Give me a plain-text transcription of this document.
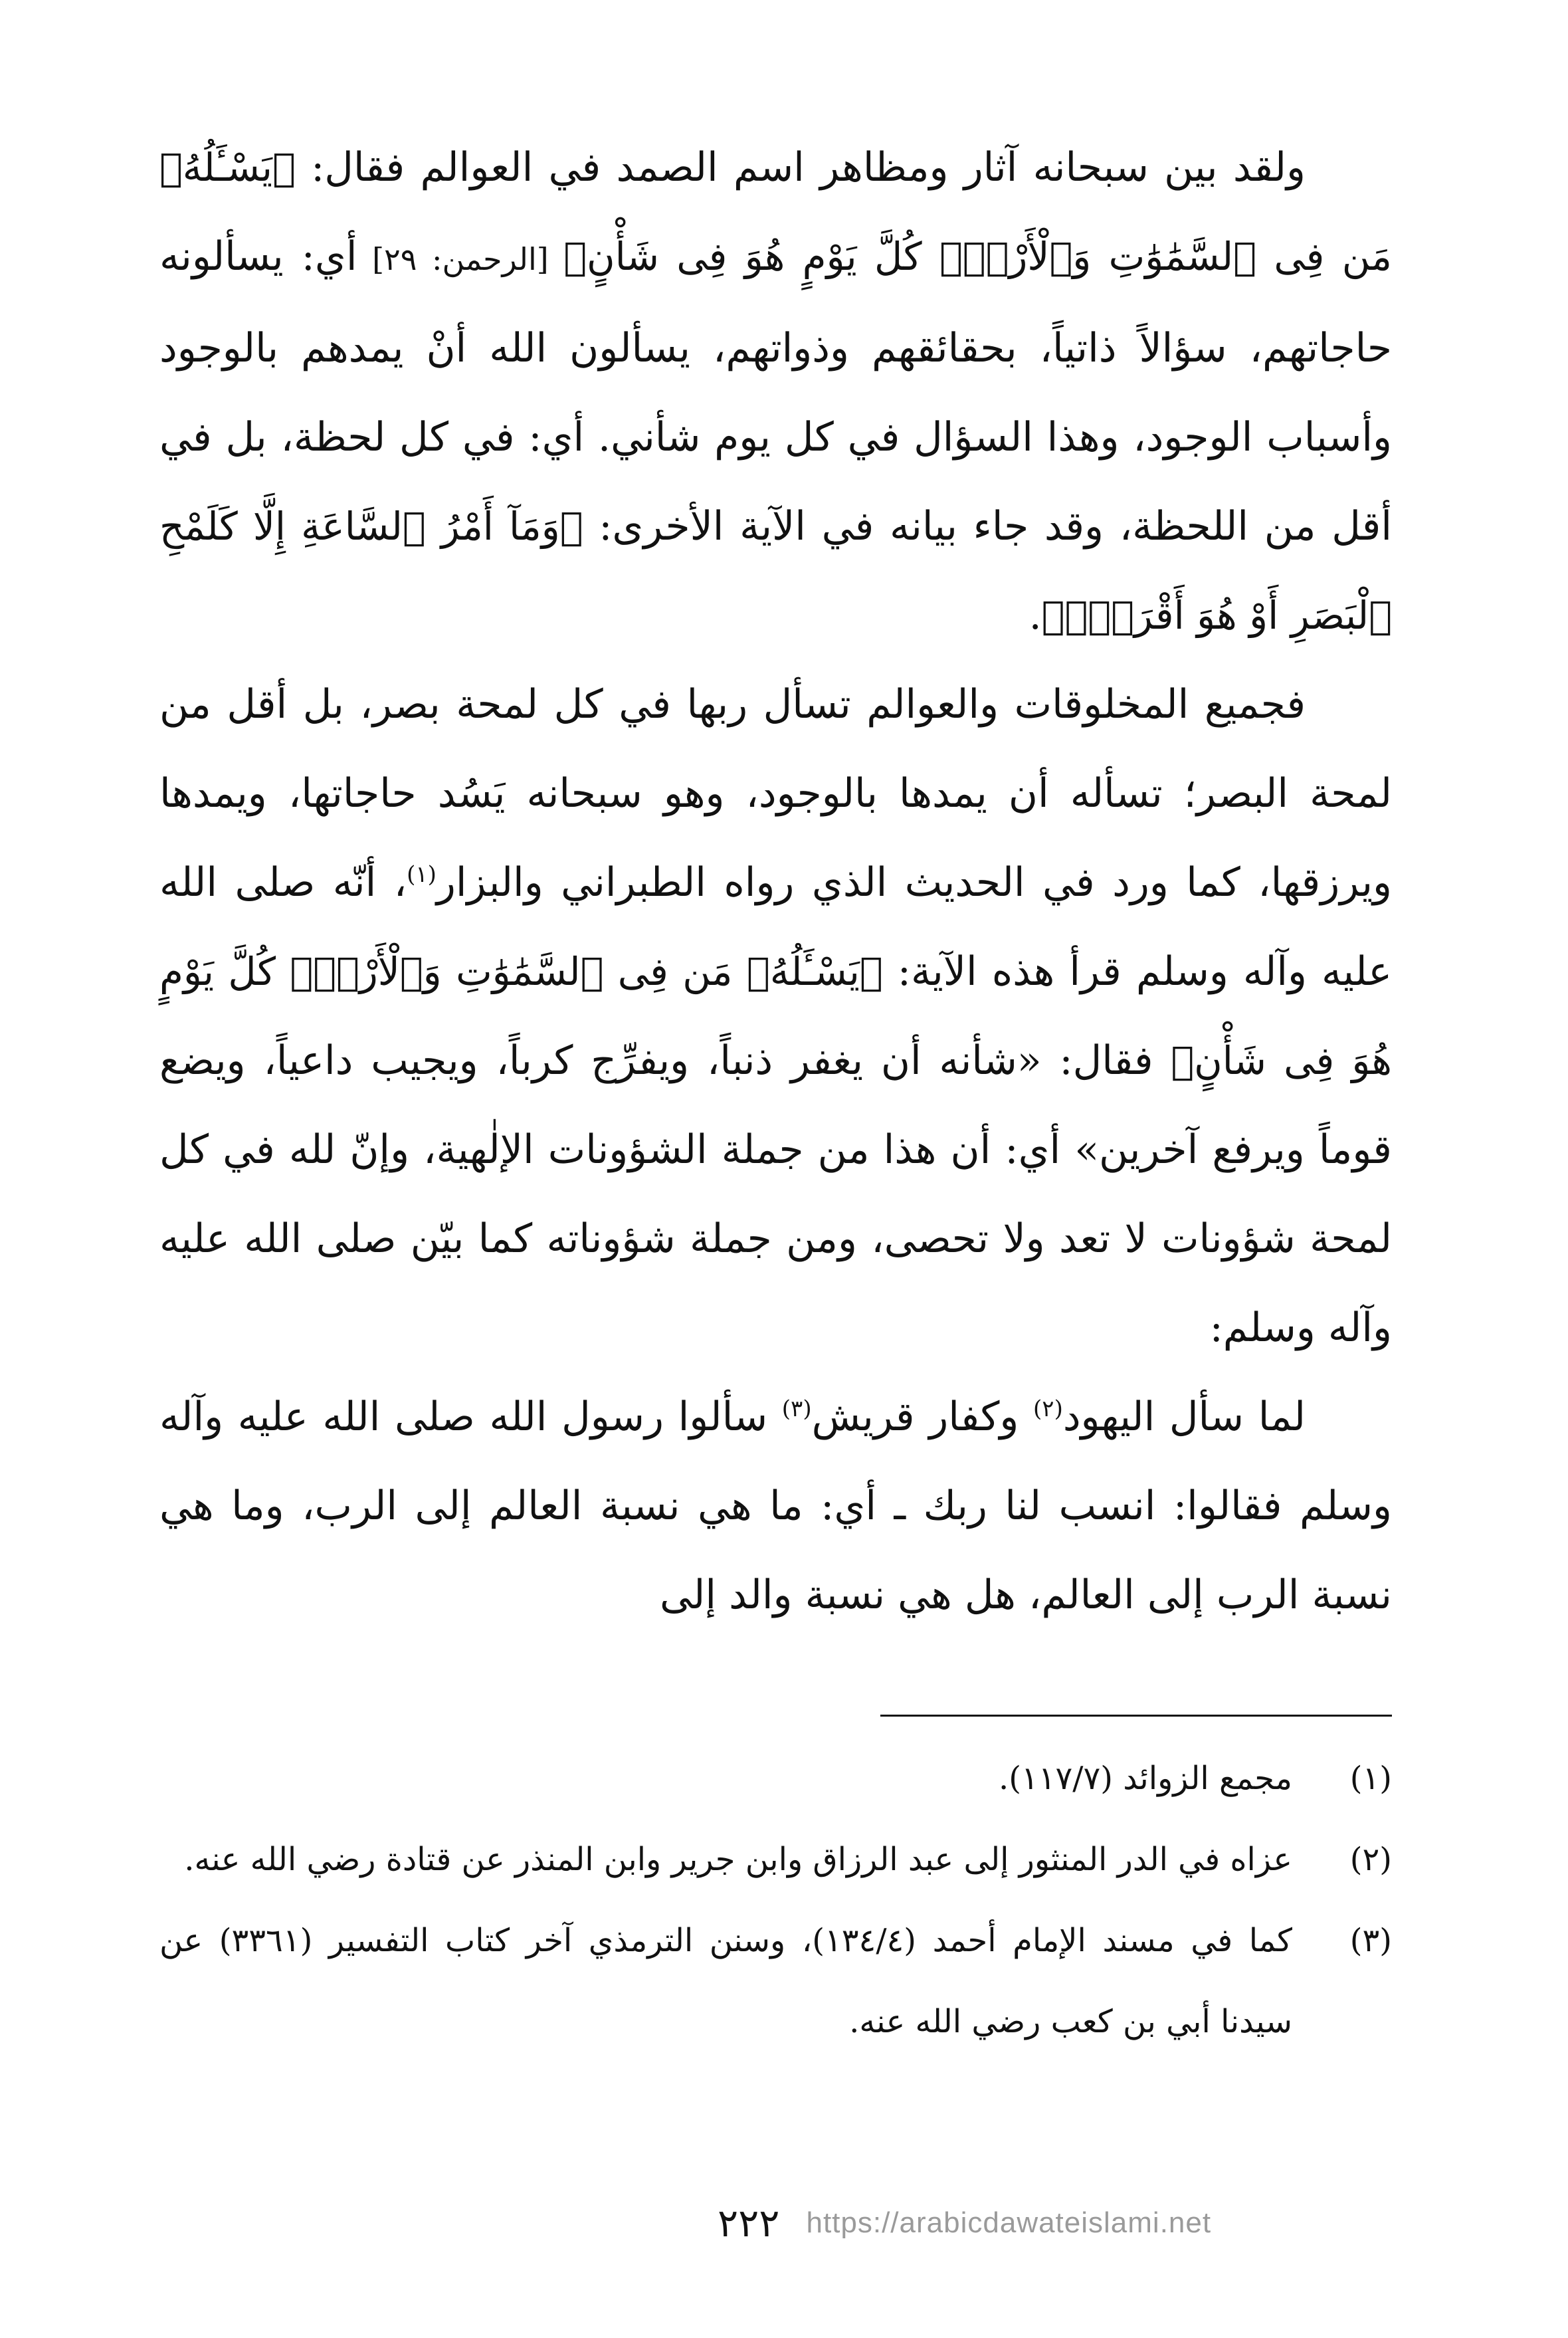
ولقد بين سبحانه آثار ومظاهر اسم الصمد في العوالم فقال: ﴿يَسْـَٔلُهُۥ مَن فِى ٱلسَّمَٰوَٰتِ وَٱلْأَرْضِۚ كُلَّ يَوْمٍ هُوَ فِى شَأْنٍ﴾ [الرحمن: ٢٩] أي: يسألونه حاجاتهم، سؤالاً ذاتياً، بحقائقهم وذواتهم، يسألون الله أنْ يمدهم بالوجود وأسباب الوجود، وهذا السؤال في كل يوم شأني. أي: في كل لحظة، بل في أقل من اللحظة، وقد جاء بيانه في الآية الأخرى: ﴿وَمَآ أَمْرُ ٱلسَّاعَةِ إِلَّا كَلَمْحِ ٱلْبَصَرِ أَوْ هُوَ أَقْرَبُۚ﴾.

فجميع المخلوقات والعوالم تسأل ربها في كل لمحة بصر، بل أقل من لمحة البصر؛ تسأله أن يمدها بالوجود، وهو سبحانه يَسُد حاجاتها، ويمدها ويرزقها، كما ورد في الحديث الذي رواه الطبراني والبزار$^{(١)}$، أنّه صلى الله عليه وآله وسلم قرأ هذه الآية: ﴿يَسْـَٔلُهُۥ مَن فِى ٱلسَّمَٰوَٰتِ وَٱلْأَرْضِۚ كُلَّ يَوْمٍ هُوَ فِى شَأْنٍ﴾ فقال: «شأنه أن يغفر ذنباً، ويفرِّج كرباً، ويجيب داعياً، ويضع قوماً ويرفع آخرين» أي: أن هذا من جملة الشؤونات الإلٰهية، وإنّ لله في كل لمحة شؤونات لا تعد ولا تحصى، ومن جملة شؤوناته كما بيّن صلى الله عليه وآله وسلم:

لما سأل اليهود$^{(٢)}$ وكفار قريش$^{(٣)}$ سألوا رسول الله صلى الله عليه وآله وسلم فقالوا: انسب لنا ربك ـ أي: ما هي نسبة العالم إلى الرب، وما هي نسبة الرب إلى العالم، هل هي نسبة والد إلى

(١)
مجمع الزوائد (١١٧/٧).
(٢)
عزاه في الدر المنثور إلى عبد الرزاق وابن جرير وابن المنذر عن قتادة رضي الله عنه.
(٣)
كما في مسند الإمام أحمد (١٣٤/٤)، وسنن الترمذي آخر كتاب التفسير (٣٣٦١) عن سيدنا أبي بن كعب رضي الله عنه.
٢٢٢ https://arabicdawateislami.net
